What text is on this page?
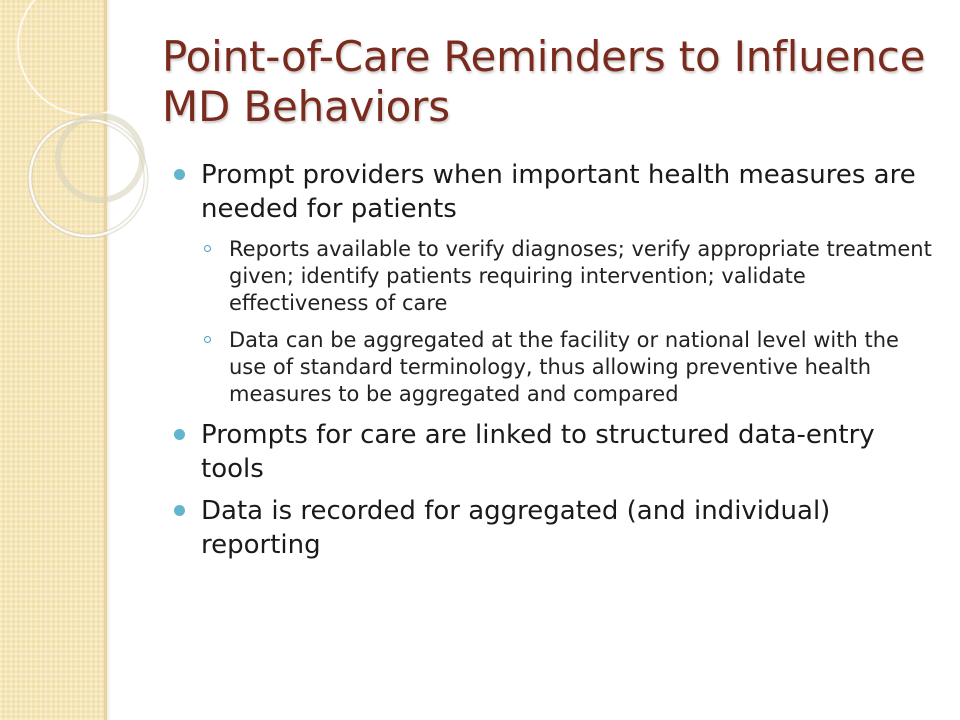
Point-of-Care Reminders to Influence MD Behaviors
Prompt providers when important health measures are needed for patients
Reports available to verify diagnoses; verify appropriate treatment given; identify patients requiring intervention; validate effectiveness of care
Data can be aggregated at the facility or national level with the use of standard terminology, thus allowing preventive health measures to be aggregated and compared
Prompts for care are linked to structured data-entry tools
Data is recorded for aggregated (and individual) reporting
